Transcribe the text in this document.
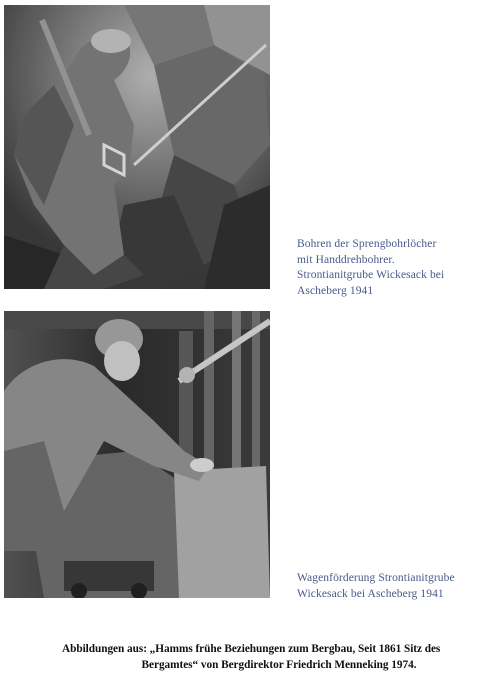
Bohren der Sprengbohrlöcher
mit Handdrehbohrer.
Strontianitgrube Wickesack bei
Ascheberg 1941
Wagenförderung Strontianitgrube
Wickesack bei Ascheberg 1941
Abbildungen aus: „Hamms frühe Beziehungen zum Bergbau, Seit 1861 Sitz des
Bergamtes“ von Bergdirektor Friedrich Menneking 1974.
